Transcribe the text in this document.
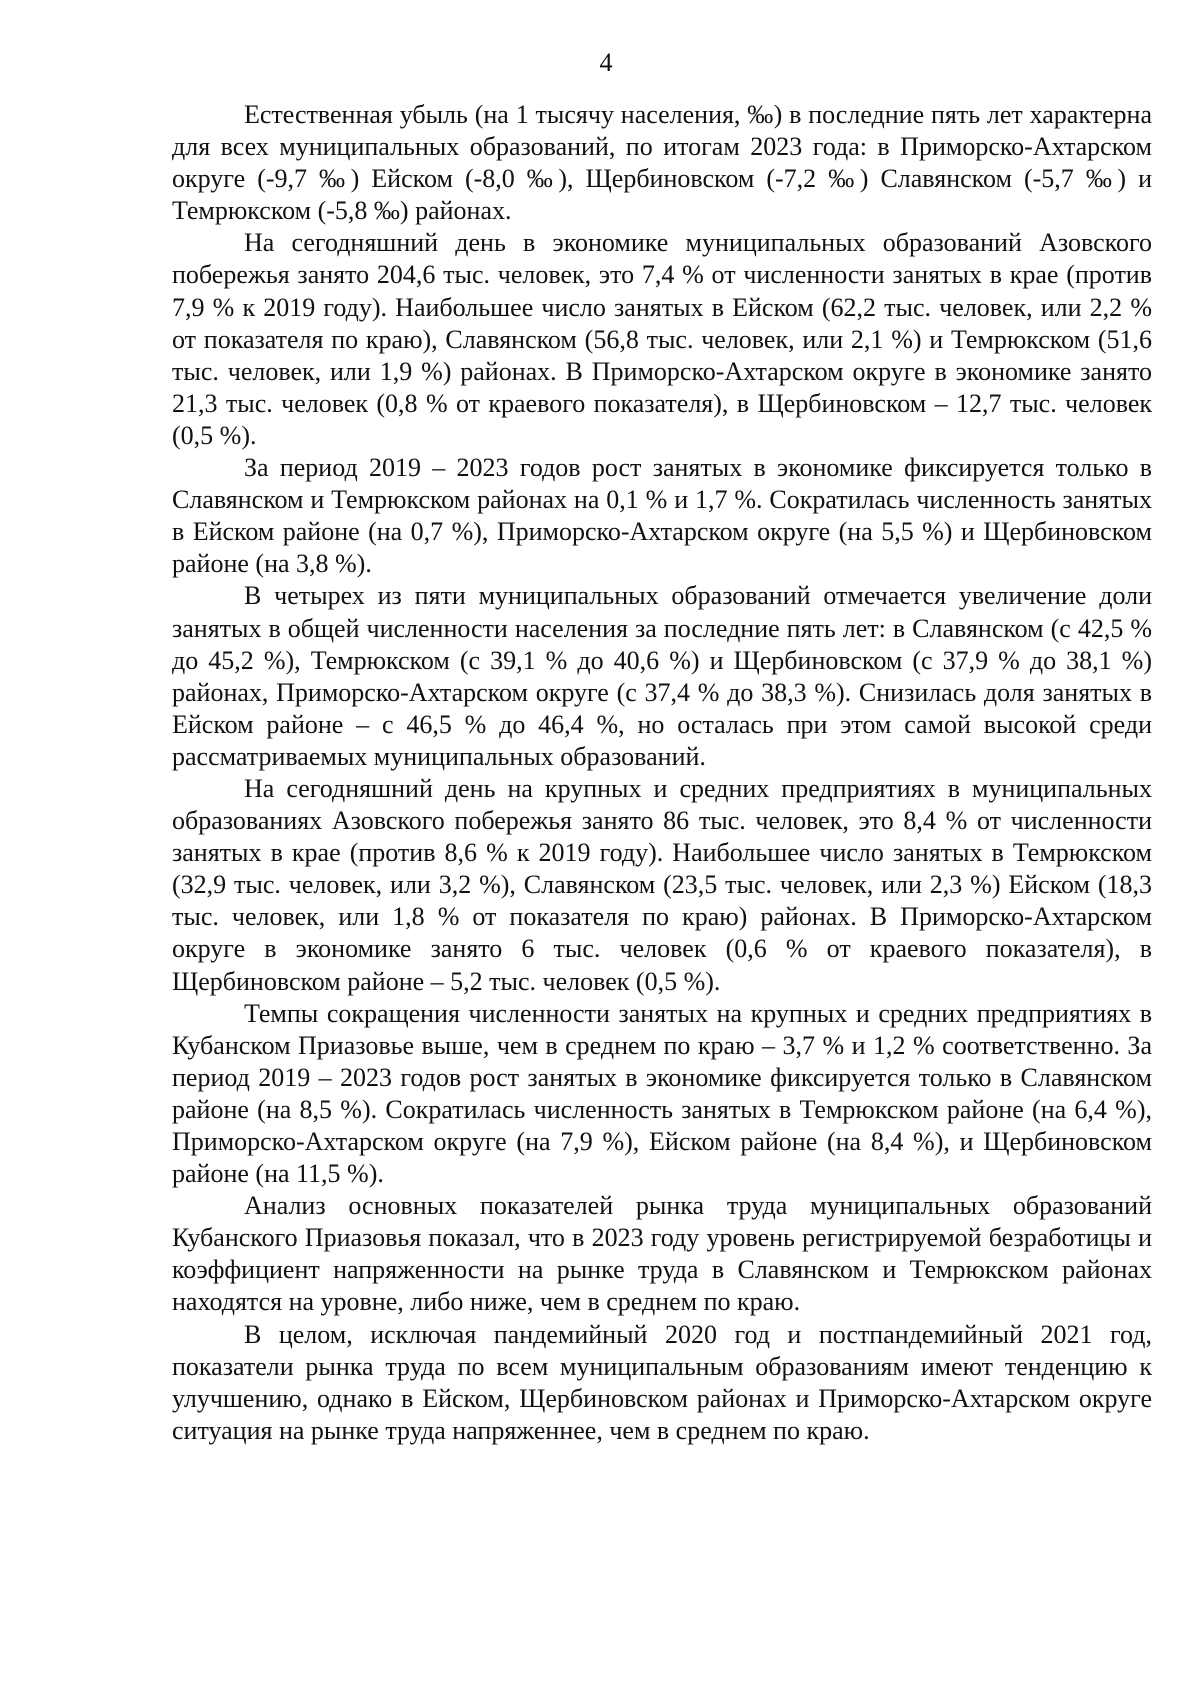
4

Естественная убыль (на 1 тысячу населения, ‰) в последние пять лет характерна для всех муниципальных образований, по итогам 2023 года: в Приморско-Ахтарском округе (-9,7 ‰) Ейском (-8,0 ‰), Щербиновском (-7,2 ‰) Славянском (-5,7 ‰) и Темрюкском (-5,8 ‰) районах.

На сегодняшний день в экономике муниципальных образований Азовского побережья занято 204,6 тыс. человек, это 7,4 % от численности занятых в крае (против 7,9 % к 2019 году). Наибольшее число занятых в Ейском (62,2 тыс. человек, или 2,2 % от показателя по краю), Славянском (56,8 тыс. человек, или 2,1 %) и Темрюкском (51,6 тыс. человек, или 1,9 %) районах. В Приморско-Ахтарском округе в экономике занято 21,3 тыс. человек (0,8 % от краевого показателя), в Щербиновском – 12,7 тыс. человек (0,5 %).

За период 2019 – 2023 годов рост занятых в экономике фиксируется только в Славянском и Темрюкском районах на 0,1 % и 1,7 %. Сократилась численность занятых в Ейском районе (на 0,7 %), Приморско-Ахтарском округе (на 5,5 %) и Щербиновском районе (на 3,8 %).

В четырех из пяти муниципальных образований отмечается увеличение доли занятых в общей численности населения за последние пять лет: в Славянском (с 42,5 % до 45,2 %), Темрюкском (с 39,1 % до 40,6 %) и Щербиновском (с 37,9 % до 38,1 %) районах, Приморско-Ахтарском округе (с 37,4 % до 38,3 %). Снизилась доля занятых в Ейском районе – с 46,5 % до 46,4 %, но осталась при этом самой высокой среди рассматриваемых муниципальных образований.

На сегодняшний день на крупных и средних предприятиях в муниципальных образованиях Азовского побережья занято 86 тыс. человек, это 8,4 % от численности занятых в крае (против 8,6 % к 2019 году). Наибольшее число занятых в Темрюкском (32,9 тыс. человек, или 3,2 %), Славянском (23,5 тыс. человек, или 2,3 %) Ейском (18,3 тыс. человек, или 1,8 % от показателя по краю) районах. В Приморско-Ахтарском округе в экономике занято 6 тыс. человек (0,6 % от краевого показателя), в Щербиновском районе – 5,2 тыс. человек (0,5 %).

Темпы сокращения численности занятых на крупных и средних предприятиях в Кубанском Приазовье выше, чем в среднем по краю – 3,7 % и 1,2 % соответственно. За период 2019 – 2023 годов рост занятых в экономике фиксируется только в Славянском районе (на 8,5 %). Сократилась численность занятых в Темрюкском районе (на 6,4 %), Приморско-Ахтарском округе (на 7,9 %), Ейском районе (на 8,4 %), и Щербиновском районе (на 11,5 %).

Анализ основных показателей рынка труда муниципальных образований Кубанского Приазовья показал, что в 2023 году уровень регистрируемой безработицы и коэффициент напряженности на рынке труда в Славянском и Темрюкском районах находятся на уровне, либо ниже, чем в среднем по краю.

В целом, исключая пандемийный 2020 год и постпандемийный 2021 год, показатели рынка труда по всем муниципальным образованиям имеют тенденцию к улучшению, однако в Ейском, Щербиновском районах и Приморско-Ахтарском округе ситуация на рынке труда напряженнее, чем в среднем по краю.
